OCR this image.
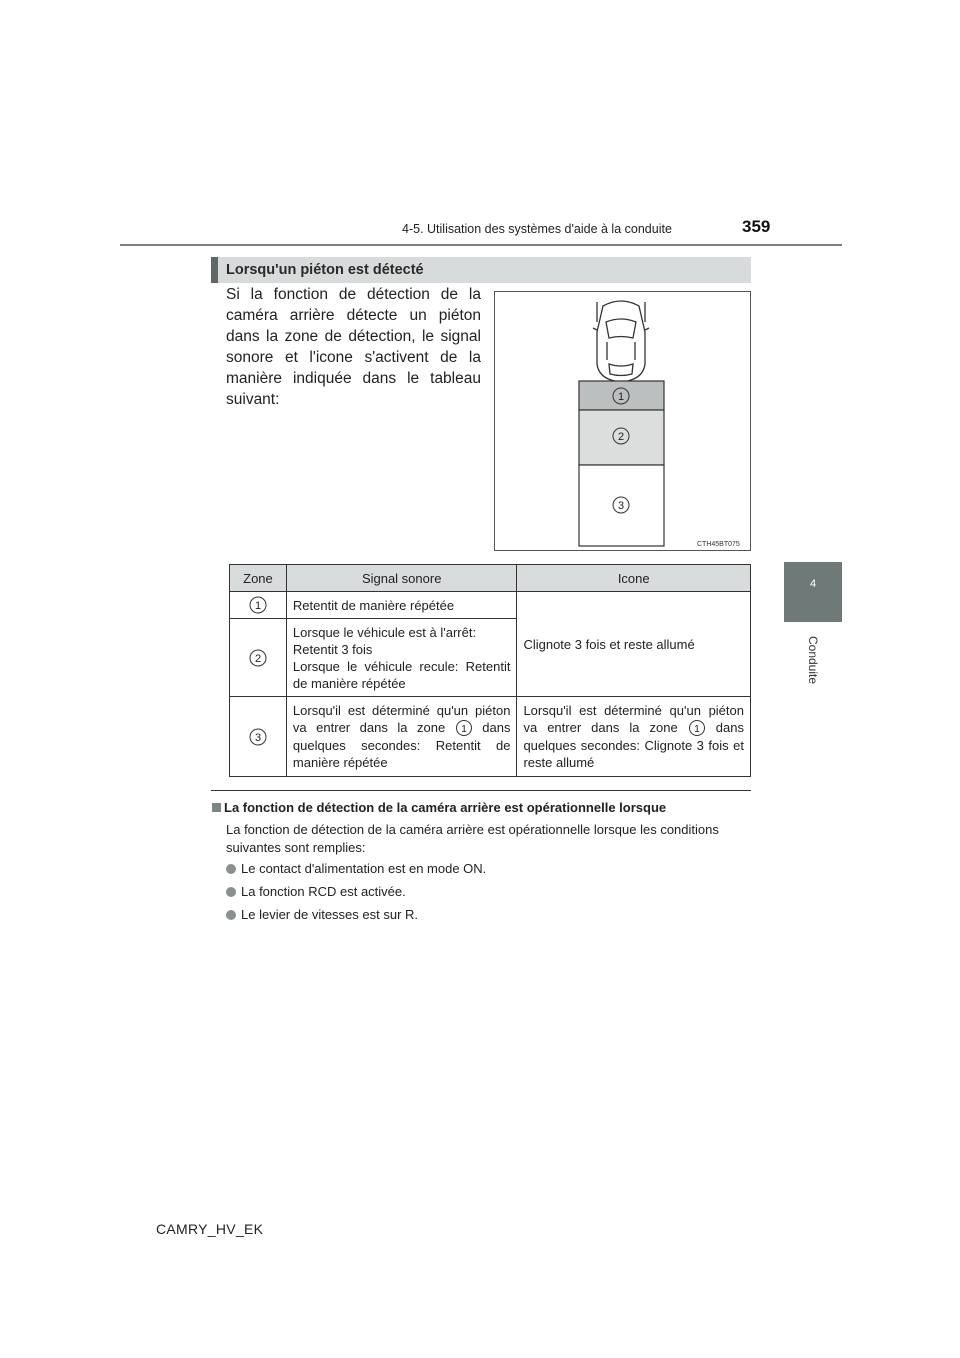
4-5. Utilisation des systèmes d'aide à la conduite	359
4
Conduite
Lorsqu'un piéton est détecté
Si la fonction de détection de la caméra arrière détecte un piéton dans la zone de détection, le signal sonore et l'icone s'activent de la manière indiquée dans le tableau suivant:	1
2
3
CTH45BT075
Zone	Signal sonore	Icone

1	Retentit de manière répétée	Clignote 3 fois et reste allumé

2	Lorsque le véhicule est à l'arrêt:
Retentit 3 fois
Lorsque le véhicule recule: Retentit de manière répétée	

3	Lorsqu'il est déterminé qu'un piéton va entrer dans la zone 1 dans quelques secondes: Retentit de manière répétée	Lorsqu'il est déterminé qu'un piéton va entrer dans la zone 1 dans quelques secondes: Clignote 3 fois et reste allumé
La fonction de détection de la caméra arrière est opérationnelle lorsque
La fonction de détection de la caméra arrière est opérationnelle lorsque les conditions suivantes sont remplies:
Le contact d'alimentation est en mode ON.
La fonction RCD est activée.
Le levier de vitesses est sur R.
CAMRY_HV_EK
